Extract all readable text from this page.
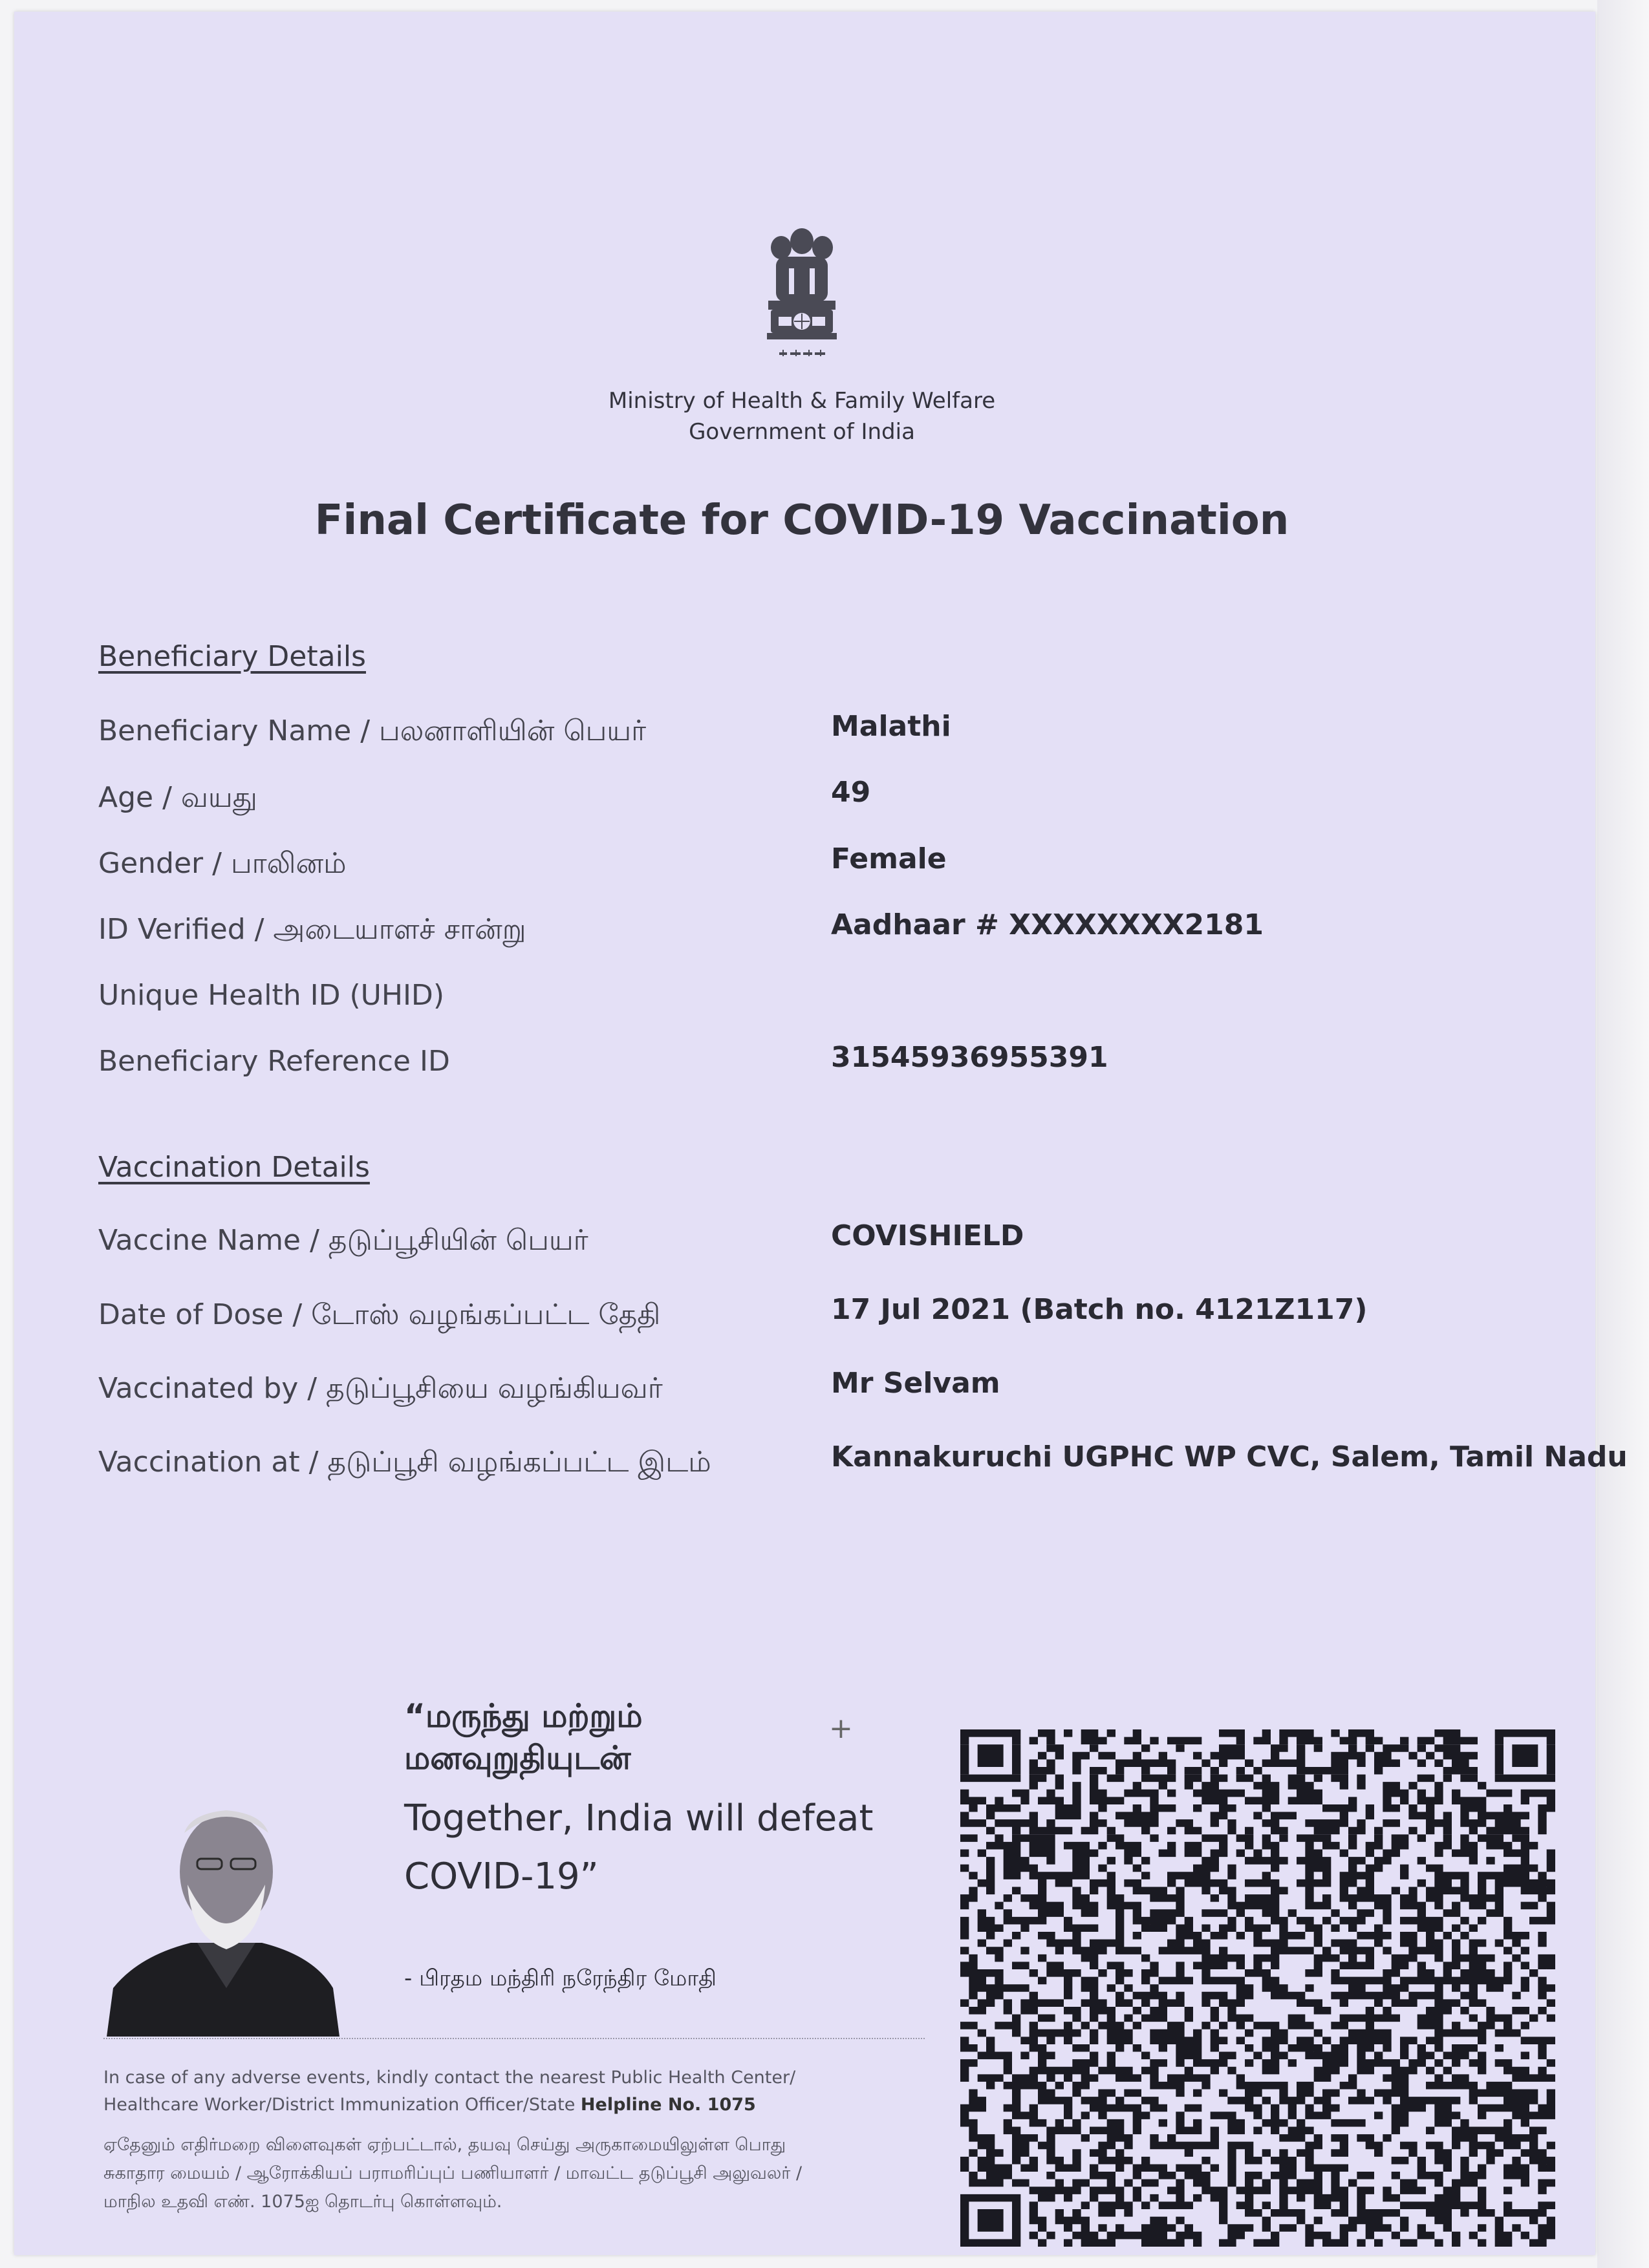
Ministry of Health & Family Welfare
Government of India
Final Certificate for COVID-19 Vaccination
Beneficiary Details
Beneficiary Name / பலனாளியின் பெயர்	Malathi
Age / வயது	49
Gender / பாலினம்	Female
ID Verified / அடையாளச் சான்று	Aadhaar # XXXXXXXX2181
Unique Health ID (UHID)
Beneficiary Reference ID	31545936955391
Vaccination Details
Vaccine Name / தடுப்பூசியின் பெயர்	COVISHIELD
Date of Dose / டோஸ் வழங்கப்பட்ட தேதி	17 Jul 2021 (Batch no. 4121Z117)
Vaccinated by / தடுப்பூசியை வழங்கியவர்	Mr Selvam
Vaccination at / தடுப்பூசி வழங்கப்பட்ட இடம்	Kannakuruchi UGPHC WP CVC, Salem, Tamil Nadu
+
“மருந்து மற்றும்
மனவுறுதியுடன்
Together, India will defeat
COVID-19”
- பிரதம மந்திரி நரேந்திர மோதி
In case of any adverse events, kindly contact the nearest Public Health Center/
Healthcare Worker/District Immunization Officer/State Helpline No. 1075
ஏதேனும் எதிர்மறை விளைவுகள் ஏற்பட்டால், தயவு செய்து அருகாமையிலுள்ள பொது
சுகாதார மையம் / ஆரோக்கியப் பராமரிப்புப் பணியாளர் / மாவட்ட தடுப்பூசி அலுவலர் /
மாநில உதவி எண். 1075ஐ தொடர்பு கொள்ளவும்.
